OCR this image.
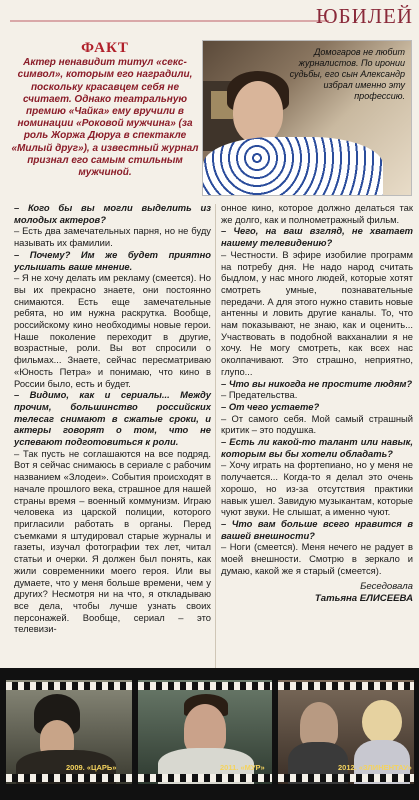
ЮБИЛЕЙ
ФАКТ
Актер ненавидит титул «секс-символ», которым его наградили, поскольку красавцем себя не считает. Однако театральную премию «Чайка» ему вручили в номинации «Роковой мужчина» (за роль Жоржа Дюруа в спектакле «Милый друг»), а известный журнал признал его самым стильным мужчиной.
Домогаров не любит журналистов. По иронии судьбы, его сын Александр избрал именно эту профессию.

– Кого бы вы могли выделить из молодых актеров?

– Есть два замечательных парня, но не буду называть их фамилии.

– Почему? Им же будет приятно услышать ваше мнение.

– Я не хочу делать им рекламу (смеется). Но вы их прекрасно знаете, они постоянно снимаются. Есть еще замечательные ребята, но им нужна раскрутка. Вообще, российскому кино необходимы новые герои. Наше поколение переходит в другие, возрастные, роли. Вы вот спросили о фильмах... Знаете, сейчас пересматриваю «Юность Петра» и понимаю, что кино в России было, есть и будет.

– Видимо, как и сериалы... Между прочим, большинство российских телесаг снимают в сжатые сроки, и актеры говорят о том, что не успевают подготовиться к роли.

– Так пусть не соглашаются на все подряд. Вот я сейчас снимаюсь в сериале с рабочим названием «Злодеи». События происходят в начале прошлого века, страшное для нашей страны время – военный коммунизм. Играю человека из царской полиции, которого пригласили работать в органы. Перед съемками я штудировал старые журналы и газеты, изучал фотографии тех лет, читал статьи и очерки. Я должен был понять, как жили современники моего героя. Или вы думаете, что у меня больше времени, чем у других? Несмотря ни на что, я откладываю все дела, чтобы лучше узнать своих персонажей. Вообще, сериал – это телевизи-

онное кино, которое должно делаться так же долго, как и полнометражный фильм.

– Чего, на ваш взгляд, не хватает нашему телевидению?

– Честности. В эфире изобилие программ на потребу дня. Не надо народ считать быдлом, у нас много людей, которые хотят смотреть умные, познавательные передачи. А для этого нужно ставить новые антенны и ловить другие каналы. То, что нам показывают, не знаю, как и оценить... Участвовать в подобной вакханалии я не хочу. Не могу смотреть, как всех нас околпачивают. Это страшно, неприятно, глупо...

– Что вы никогда не простите людям?

– Предательства.

– От чего устаете?

– От самого себя. Мой самый страшный критик – это подушка.

– Есть ли какой-то талант или навык, которым вы бы хотели обладать?

– Хочу играть на фортепиано, но у меня не получается... Когда-то я делал это очень хорошо, но из-за отсутствия практики навык ушел. Завидую музыкантам, которые чуют звуки. Не слышат, а именно чуют.

– Что вам больше всего нравится в вашей внешности?

– Ноги (смеется). Меня нечего не радует в моей внешности. Смотрю в зеркало и думаю, какой же я старый (смеется).

Беседовала
Татьяна ЕЛИСЕЕВА
2009. «ЦАРЬ»	2011. «МУР»	2012. «ЗЛИНЕНТАУ»
